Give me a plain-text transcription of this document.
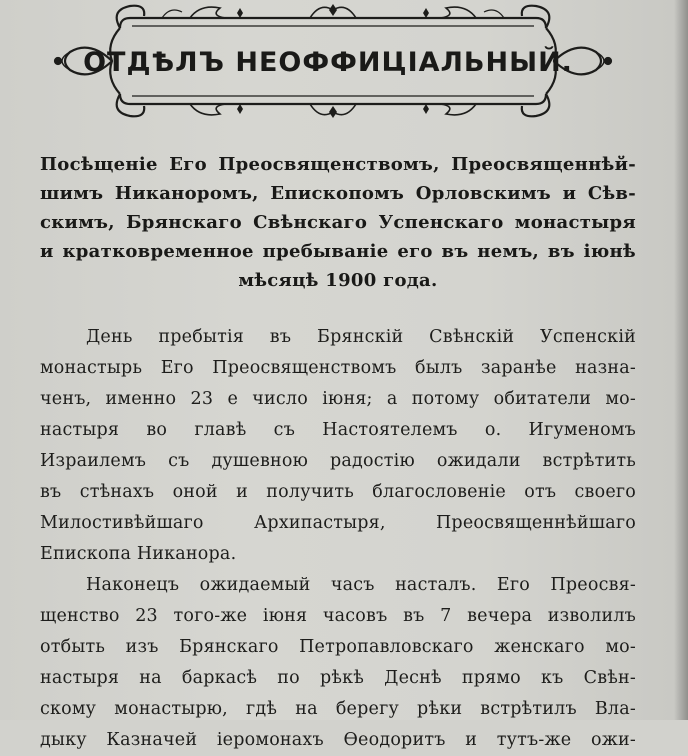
ОТДѢЛЪ НЕОФФИЦІАЛЬНЫЙ.
Посѣщеніе Его Преосвященствомъ, Преосвященнѣй-
шимъ Никаноромъ, Епископомъ Орловскимъ и Сѣв-
скимъ, Брянскаго Свѣнскаго Успенскаго монастыря
и кратковременное пребываніе его въ немъ, въ іюнѣ
мѣсяцѣ 1900 года.
День пребытія въ Брянскій Свѣнскій Успенскій
монастырь Его Преосвященствомъ былъ заранѣе назна-
ченъ, именно 23 е число іюня; а потому обитатели мо-
настыря во главѣ съ Настоятелемъ о. Игуменомъ
Израилемъ съ душевною радостію ожидали встрѣтить
въ стѣнахъ оной и получить благословеніе отъ своего
Милостивѣйшаго Архипастыря, Преосвященнѣйшаго
Епископа Никанора.
Наконецъ ожидаемый часъ насталъ. Его Преосвя-
щенство 23 того-же іюня часовъ въ 7 вечера изволилъ
отбыть изъ Брянскаго Петропавловскаго женскаго мо-
настыря на баркасѣ по рѣкѣ Деснѣ прямо къ Свѣн-
скому монастырю, гдѣ на берегу рѣки встрѣтилъ Вла-
дыку Казначей іеромонахъ Ѳеодоритъ и тутъ-же ожи-
